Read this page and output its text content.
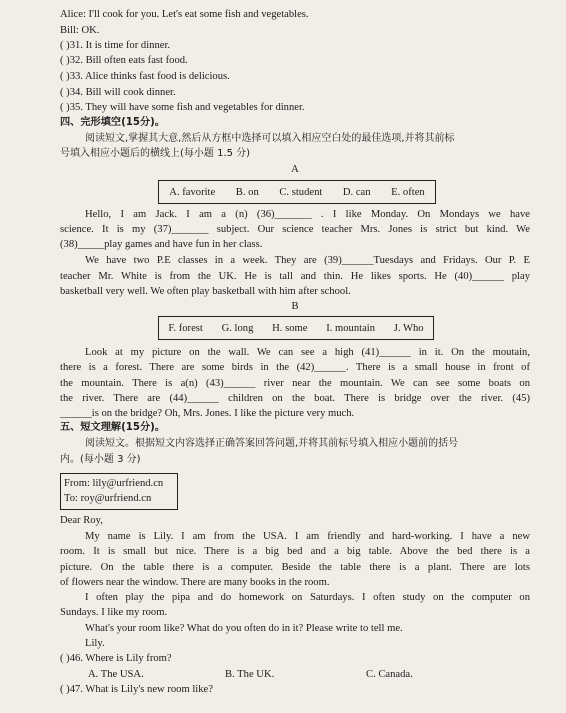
Alice: I'll cook for you. Let's eat some fish and vegetables.
Bill: OK.
( )31. It is time for dinner.
( )32. Bill often eats fast food.
( )33. Alice thinks fast food is delicious.
( )34. Bill will cook dinner.
( )35. They will have some fish and vegetables for dinner.
四、完形填空(15分)。
阅读短文,掌握其大意,然后从方框中选择可以填入相应空白处的最佳选项,并将其前标
号填入相应小题后的横线上(每小题 1.5 分)
A
A. favorite B. on C. student D. can E. often
Hello, I am Jack. I am a (n) (36)_______ . I like Monday. On Mondays we have
science. It is my (37)_______ subject. Our science teacher Mrs. Jones is strict but kind. We
(38)_____play games and have fun in her class.
We have two P.E classes in a week. They are (39)______Tuesdays and Fridays. Our P. E
teacher Mr. White is from the UK. He is tall and thin. He likes sports. He (40)______ play
basketball very well. We often play basketball with him after school.
B
F. forest G. long H. some I. mountain J. Who
Look at my picture on the wall. We can see a high (41)______ in it. On the moutain,
there is a forest. There are some birds in the (42)______. There is a small house in front of
the mountain. There is a(n) (43)______ river near the mountain. We can see some boats on
the river. There are (44)______ children on the boat. There is bridge over the river. (45)
______is on the bridge? Oh, Mrs. Jones. I like the picture very much.
五、短文理解(15分)。
阅读短文。根据短文内容选择正确答案回答问题,并将其前标号填入相应小题前的括号
内。(每小题 3 分)
From: lily@urfriend.cn
To: roy@urfriend.cn
Dear Roy,
My name is Lily. I am from the USA. I am friendly and hard-working. I have a new
room. It is small but nice. There is a big bed and a big table. Above the bed there is a
picture. On the table there is a computer. Beside the table there is a plant. There are lots
of flowers near the window. There are many books in the room.
I often play the pipa and do homework on Saturdays. I often study on the computer on
Sundays. I like my room.
What's your room like? What do you often do in it? Please write to tell me.
Lily.
( )46. Where is Lily from?
A. The USA.	B. The UK.	C. Canada.
( )47. What is Lily's new room like?
